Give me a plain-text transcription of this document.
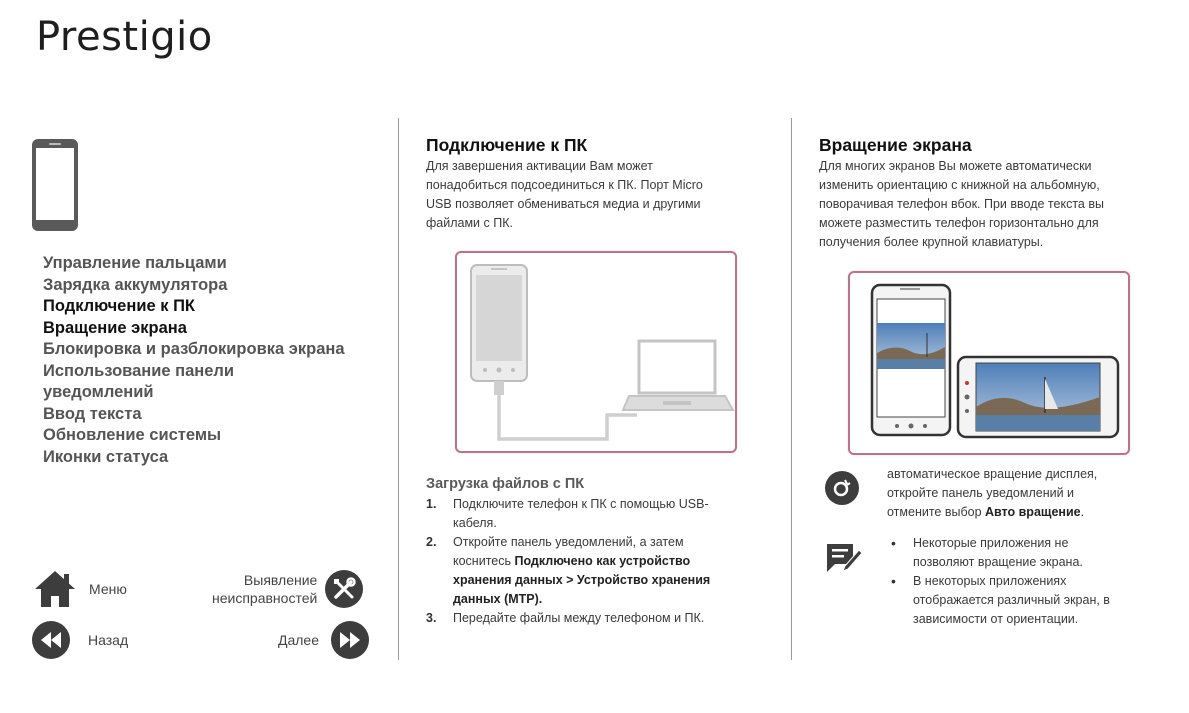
Prestigio
Управление пальцами
Зарядка аккумулятора
Подключение к ПК
Вращение экрана
Блокировка и разблокировка экрана
Использование панели
уведомлений
Ввод текста
Обновление системы
Иконки статуса
Меню
Выявление
неисправностей
Назад	Далее
Подключение к ПК

Для завершения активации Вам может

понадобиться подсоединиться к ПК. Порт Micro

USB позволяет обмениваться медиа и другими

файлами с ПК.

Загрузка файлов с ПК
1. Подключите телефон к ПК с помощью USB-
кабеля.
2. Откройте панель уведомлений, а затем
коснитесь Подключено как устройство
хранения данных > Устройство хранения
данных (MTP).
3. Передайте файлы между телефоном и ПК.
Вращение экрана

Для многих экранов Вы можете автоматически

изменить ориентацию с книжной на альбомную,

поворачивая телефон вбок. При вводе текста вы

можете разместить телефон горизонтально для

получения более крупной клавиатуры.

автоматическое вращение дисплея,

откройте панель уведомлений и

отмените выбор Авто вращение.

• Некоторые приложения не
позволяют вращение экрана.
• В некоторых приложениях
отображается различный экран, в
зависимости от ориентации.
